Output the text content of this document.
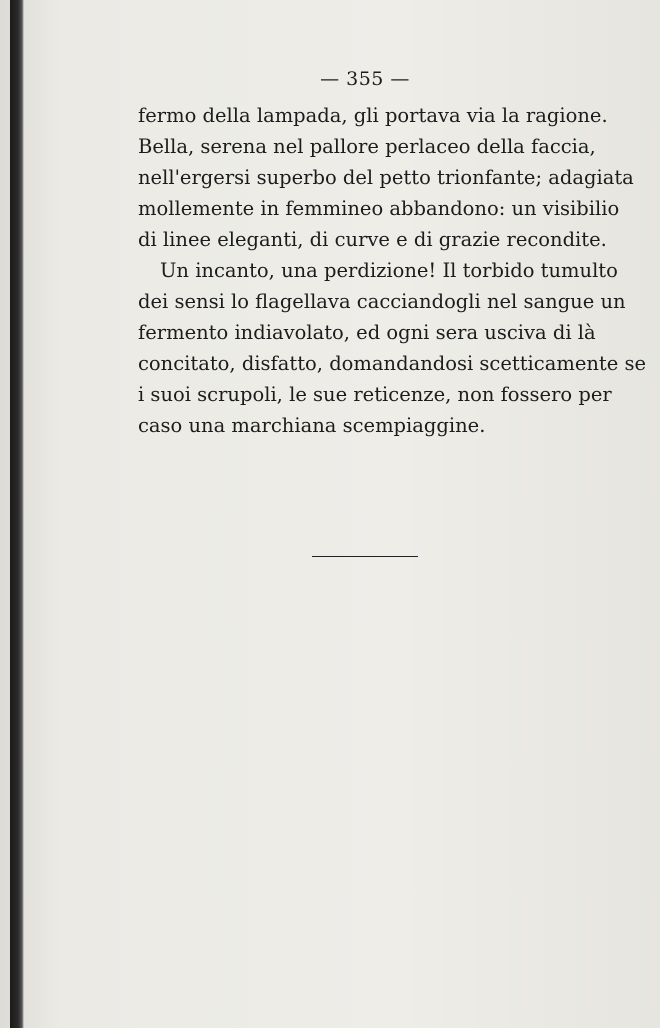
— 355 —
fermo della lampada, gli portava via la ragione.
Bella, serena nel pallore perlaceo della faccia,
nell'ergersi superbo del petto trionfante; adagiata
mollemente in femmineo abbandono: un visibilio
di linee eleganti, di curve e di grazie recondite.
Un incanto, una perdizione! Il torbido tumulto
dei sensi lo flagellava cacciandogli nel sangue un
fermento indiavolato, ed ogni sera usciva di là
concitato, disfatto, domandandosi scetticamente se
i suoi scrupoli, le sue reticenze, non fossero per
caso una marchiana scempiaggine.
